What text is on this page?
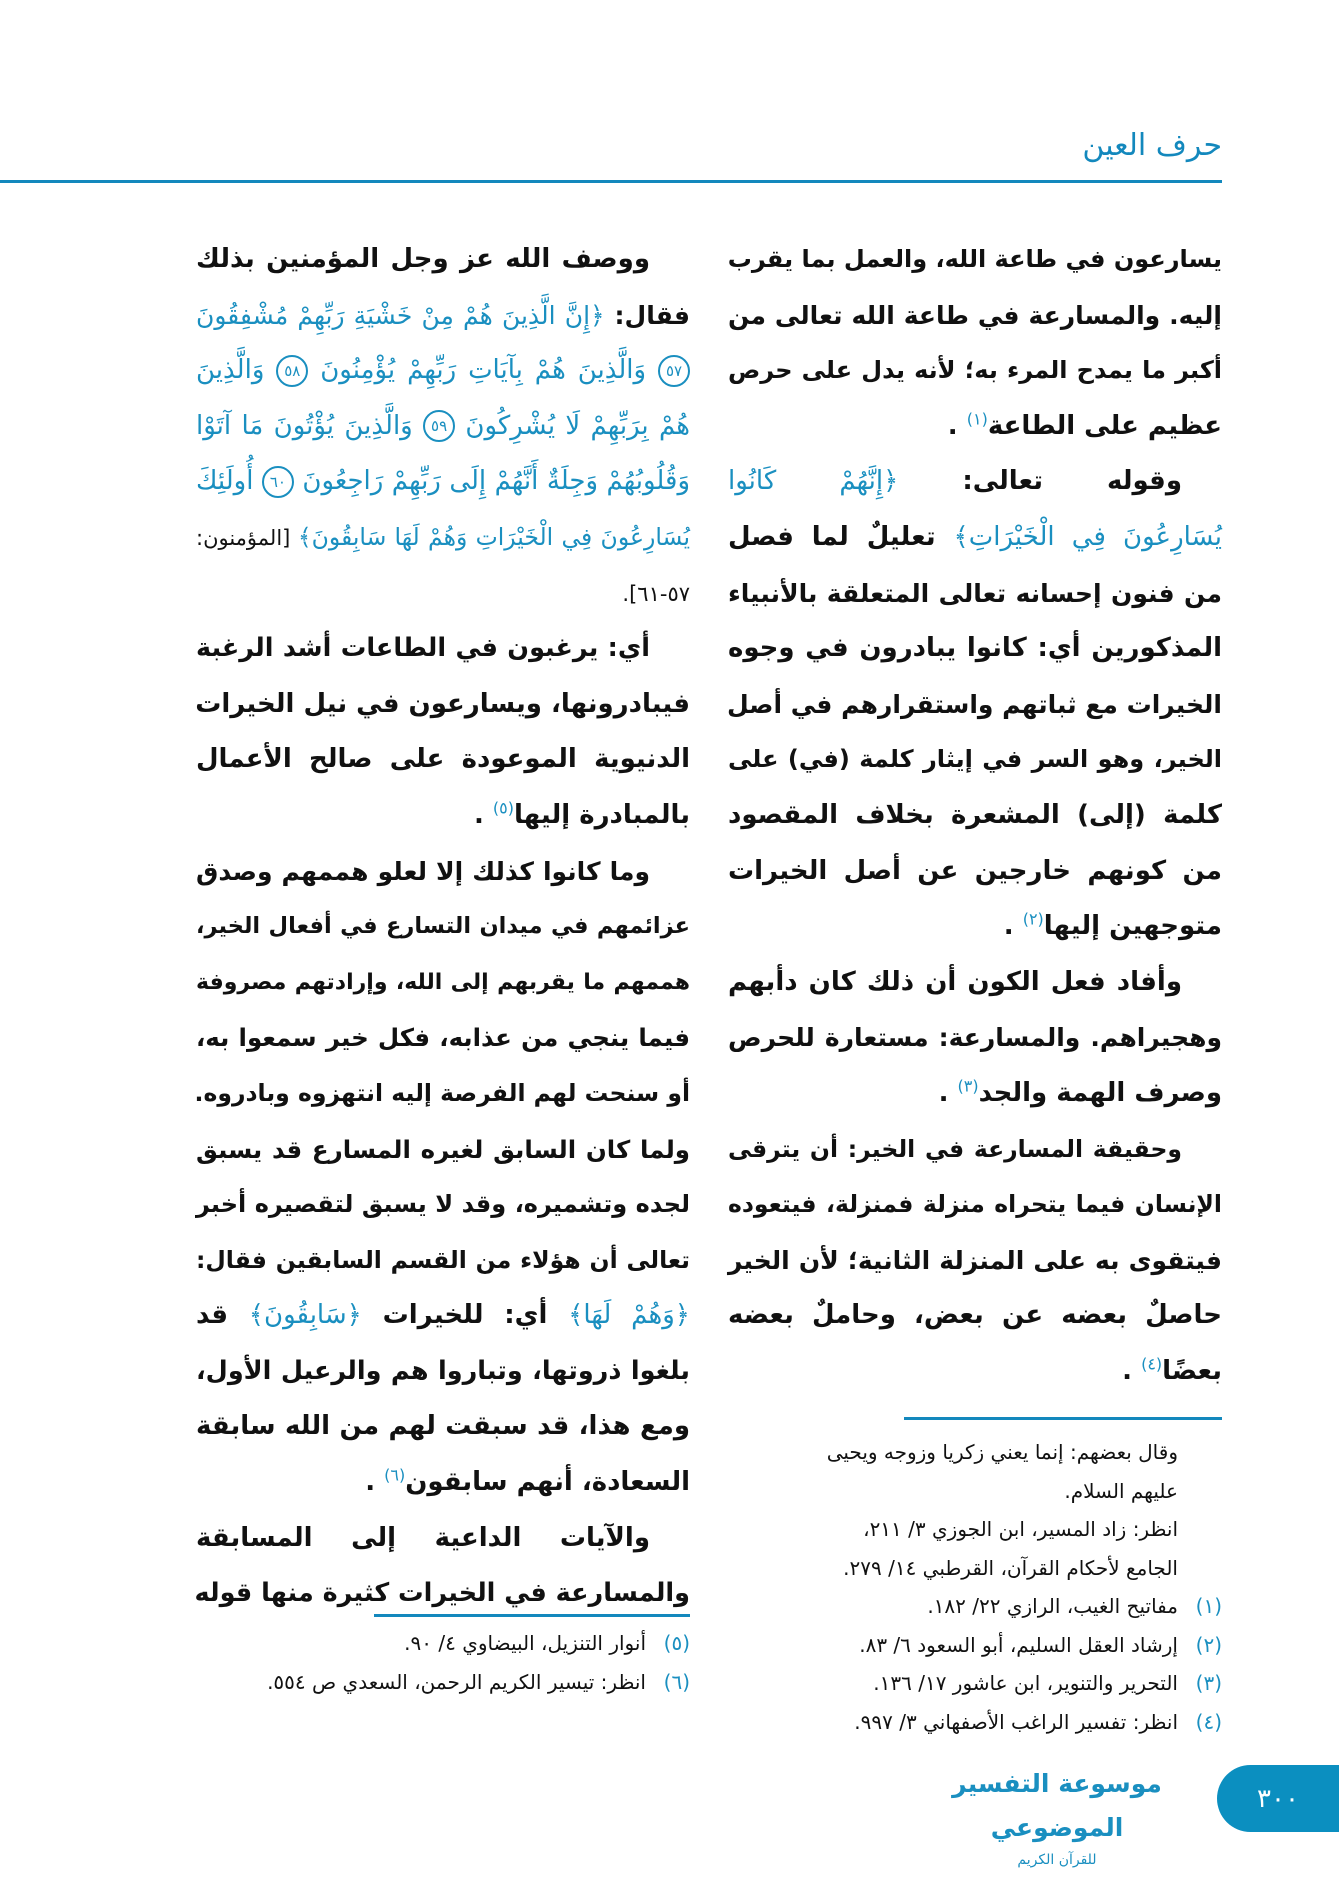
حرف العين
يسارعون في طاعة الله، والعمل بما يقرب
إليه. والمسارعة في طاعة الله تعالى من
أكبر ما يمدح المرء به؛ لأنه يدل على حرص
عظيم على الطاعة$^{(١)}$ .
وقوله تعالى: ﴿إِنَّهُمْ كَانُوا
يُسَارِعُونَ فِي الْخَيْرَاتِ﴾ تعليلٌ لما فصل
من فنون إحسانه تعالى المتعلقة بالأنبياء
المذكورين أي: كانوا يبادرون في وجوه
الخيرات مع ثباتهم واستقرارهم في أصل
الخير، وهو السر في إيثار كلمة (في) على
كلمة (إلى) المشعرة بخلاف المقصود
من كونهم خارجين عن أصل الخيرات
متوجهين إليها$^{(٢)}$ .
وأفاد فعل الكون أن ذلك كان دأبهم
وهجيراهم. والمسارعة: مستعارة للحرص
وصرف الهمة والجد$^{(٣)}$ .
وحقيقة المسارعة في الخير: أن يترقى
الإنسان فيما يتحراه منزلة فمنزلة، فيتعوده
فيتقوى به على المنزلة الثانية؛ لأن الخير
حاصلٌ بعضه عن بعض، وحاملٌ بعضه
بعضًا$^{(٤)}$ .
ووصف الله عز وجل المؤمنين بذلك
فقال: ﴿إِنَّ الَّذِينَ هُمْ مِنْ خَشْيَةِ رَبِّهِمْ مُشْفِقُونَ
٥٧ وَالَّذِينَ هُمْ بِآيَاتِ رَبِّهِمْ يُؤْمِنُونَ ٥٨ وَالَّذِينَ
هُمْ بِرَبِّهِمْ لَا يُشْرِكُونَ ٥٩ وَالَّذِينَ يُؤْتُونَ مَا آتَوْا
وَقُلُوبُهُمْ وَجِلَةٌ أَنَّهُمْ إِلَى رَبِّهِمْ رَاجِعُونَ ٦٠ أُولَئِكَ
يُسَارِعُونَ فِي الْخَيْرَاتِ وَهُمْ لَهَا سَابِقُونَ﴾ [المؤمنون:
٥٧-٦١].
أي: يرغبون في الطاعات أشد الرغبة
فيبادرونها، ويسارعون في نيل الخيرات
الدنيوية الموعودة على صالح الأعمال
بالمبادرة إليها$^{(٥)}$ .
وما كانوا كذلك إلا لعلو هممهم وصدق
عزائمهم في ميدان التسارع في أفعال الخير،
هممهم ما يقربهم إلى الله، وإرادتهم مصروفة
فيما ينجي من عذابه، فكل خير سمعوا به،
أو سنحت لهم الفرصة إليه انتهزوه وبادروه.
ولما كان السابق لغيره المسارع قد يسبق
لجده وتشميره، وقد لا يسبق لتقصيره أخبر
تعالى أن هؤلاء من القسم السابقين فقال:
﴿وَهُمْ لَهَا﴾ أي: للخيرات ﴿سَابِقُونَ﴾ قد
بلغوا ذروتها، وتباروا هم والرعيل الأول،
ومع هذا، قد سبقت لهم من الله سابقة
السعادة، أنهم سابقون$^{(٦)}$ .
والآيات الداعية إلى المسابقة
والمسارعة في الخيرات كثيرة منها قوله
وقال بعضهم: إنما يعني زكريا وزوجه ويحيى
عليهم السلام.
انظر: زاد المسير، ابن الجوزي ٣/ ٢١١،
الجامع لأحكام القرآن، القرطبي ١٤/ ٢٧٩.
(١)
مفاتيح الغيب، الرازي ٢٢/ ١٨٢.
(٢)
إرشاد العقل السليم، أبو السعود ٦/ ٨٣.
(٣)
التحرير والتنوير، ابن عاشور ١٧/ ١٣٦.
(٤)
انظر: تفسير الراغب الأصفهاني ٣/ ٩٩٧.
(٥)
أنوار التنزيل، البيضاوي ٤/ ٩٠.
(٦)
انظر: تيسير الكريم الرحمن، السعدي ص ٥٥٤.
موسوعة التفسير الموضوعي
للقرآن الكريم
٣٠٠
